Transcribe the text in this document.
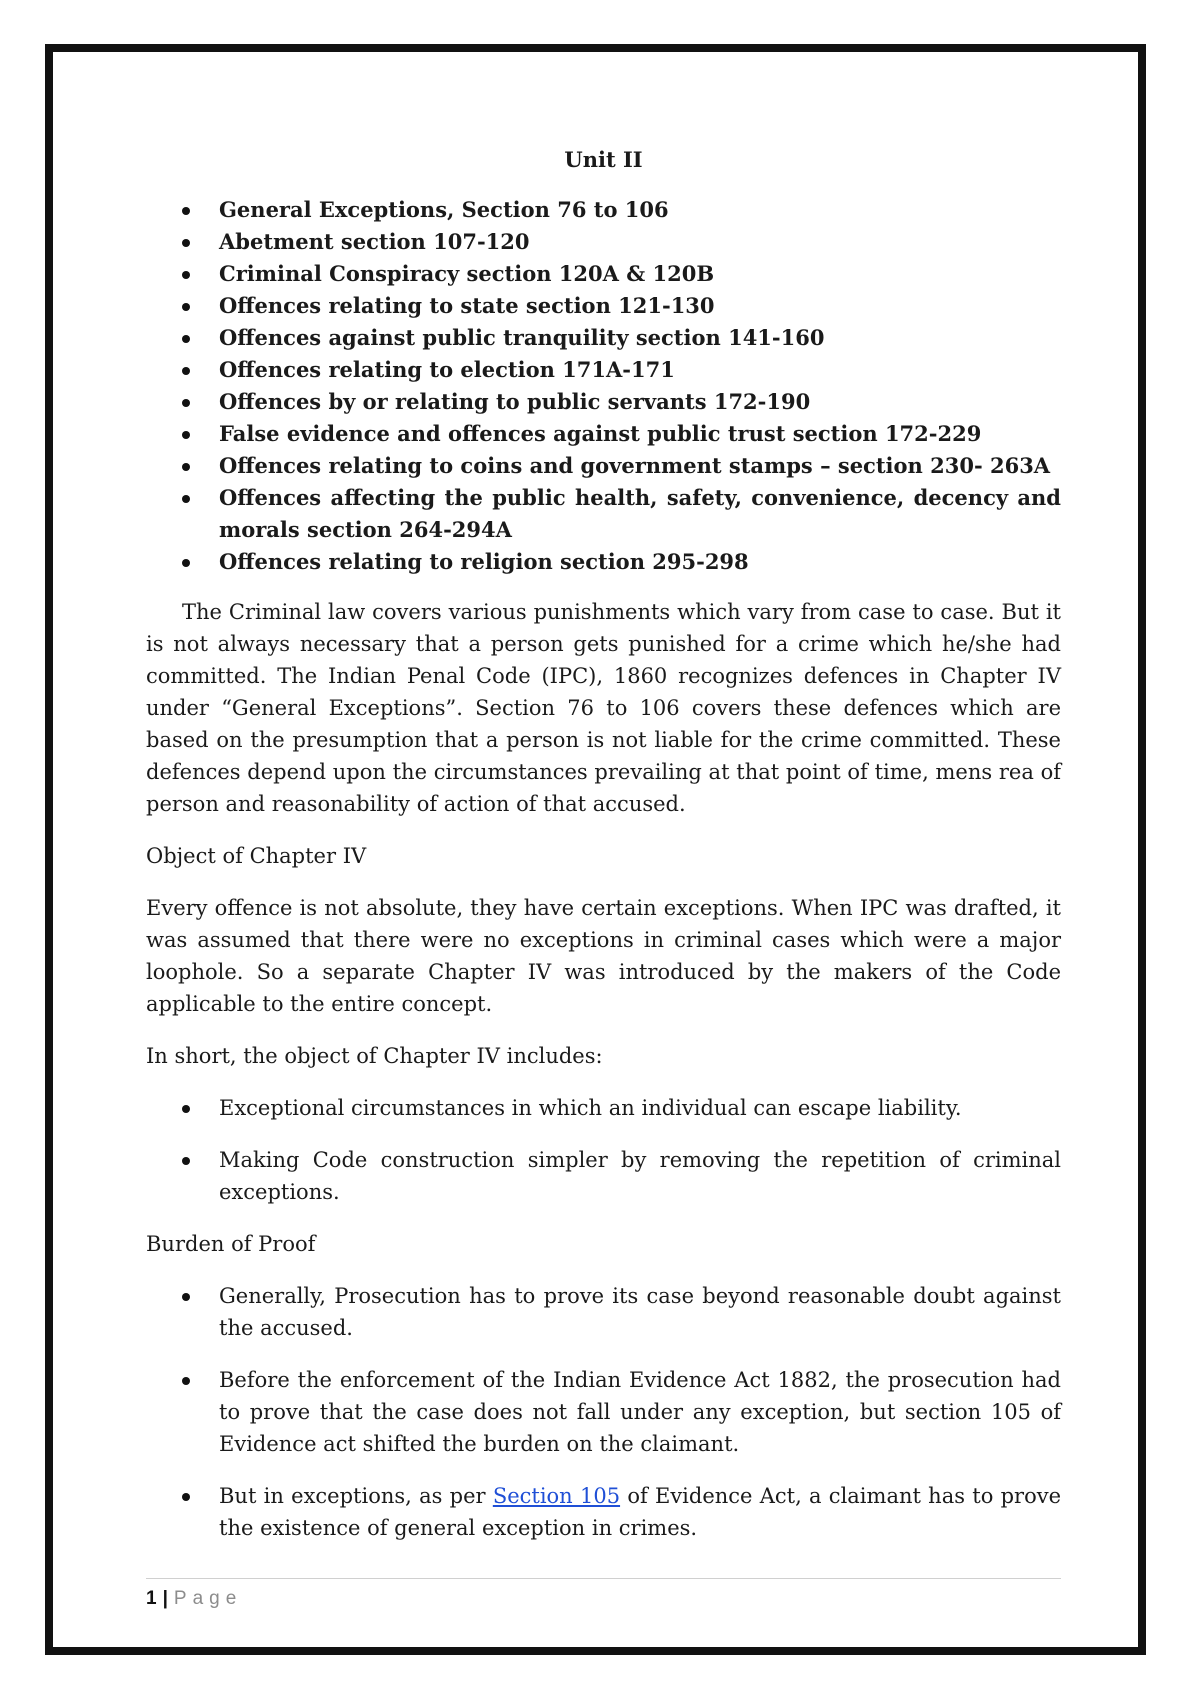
Unit II
General Exceptions, Section 76 to 106
Abetment section 107-120
Criminal Conspiracy section 120A & 120B
Offences relating to state section 121-130
Offences against public tranquility section 141-160
Offences relating to election 171A-171
Offences by or relating to public servants 172-190
False evidence and offences against public trust section 172-229
Offences relating to coins and government stamps – section 230- 263A
Offences affecting the public health, safety, convenience, decency and morals section 264-294A
Offences relating to religion section 295-298

The Criminal law covers various punishments which vary from case to case. But it is not always necessary that a person gets punished for a crime which he/she had committed. The Indian Penal Code (IPC), 1860 recognizes defences in Chapter IV under “General Exceptions”. Section 76 to 106 covers these defences which are based on the presumption that a person is not liable for the crime committed. These defences depend upon the circumstances prevailing at that point of time, mens rea of person and reasonability of action of that accused.

Object of Chapter IV

Every offence is not absolute, they have certain exceptions. When IPC was drafted, it was assumed that there were no exceptions in criminal cases which were a major loophole. So a separate Chapter IV was introduced by the makers of the Code applicable to the entire concept.

In short, the object of Chapter IV includes:

Exceptional circumstances in which an individual can escape liability.
Making Code construction simpler by removing the repetition of criminal exceptions.

Burden of Proof

Generally, Prosecution has to prove its case beyond reasonable doubt against the accused.
Before the enforcement of the Indian Evidence Act 1882, the prosecution had to prove that the case does not fall under any exception, but section 105 of Evidence act shifted the burden on the claimant.
But in exceptions, as per Section 105 of Evidence Act, a claimant has to prove the existence of general exception in crimes.
1 | Page
